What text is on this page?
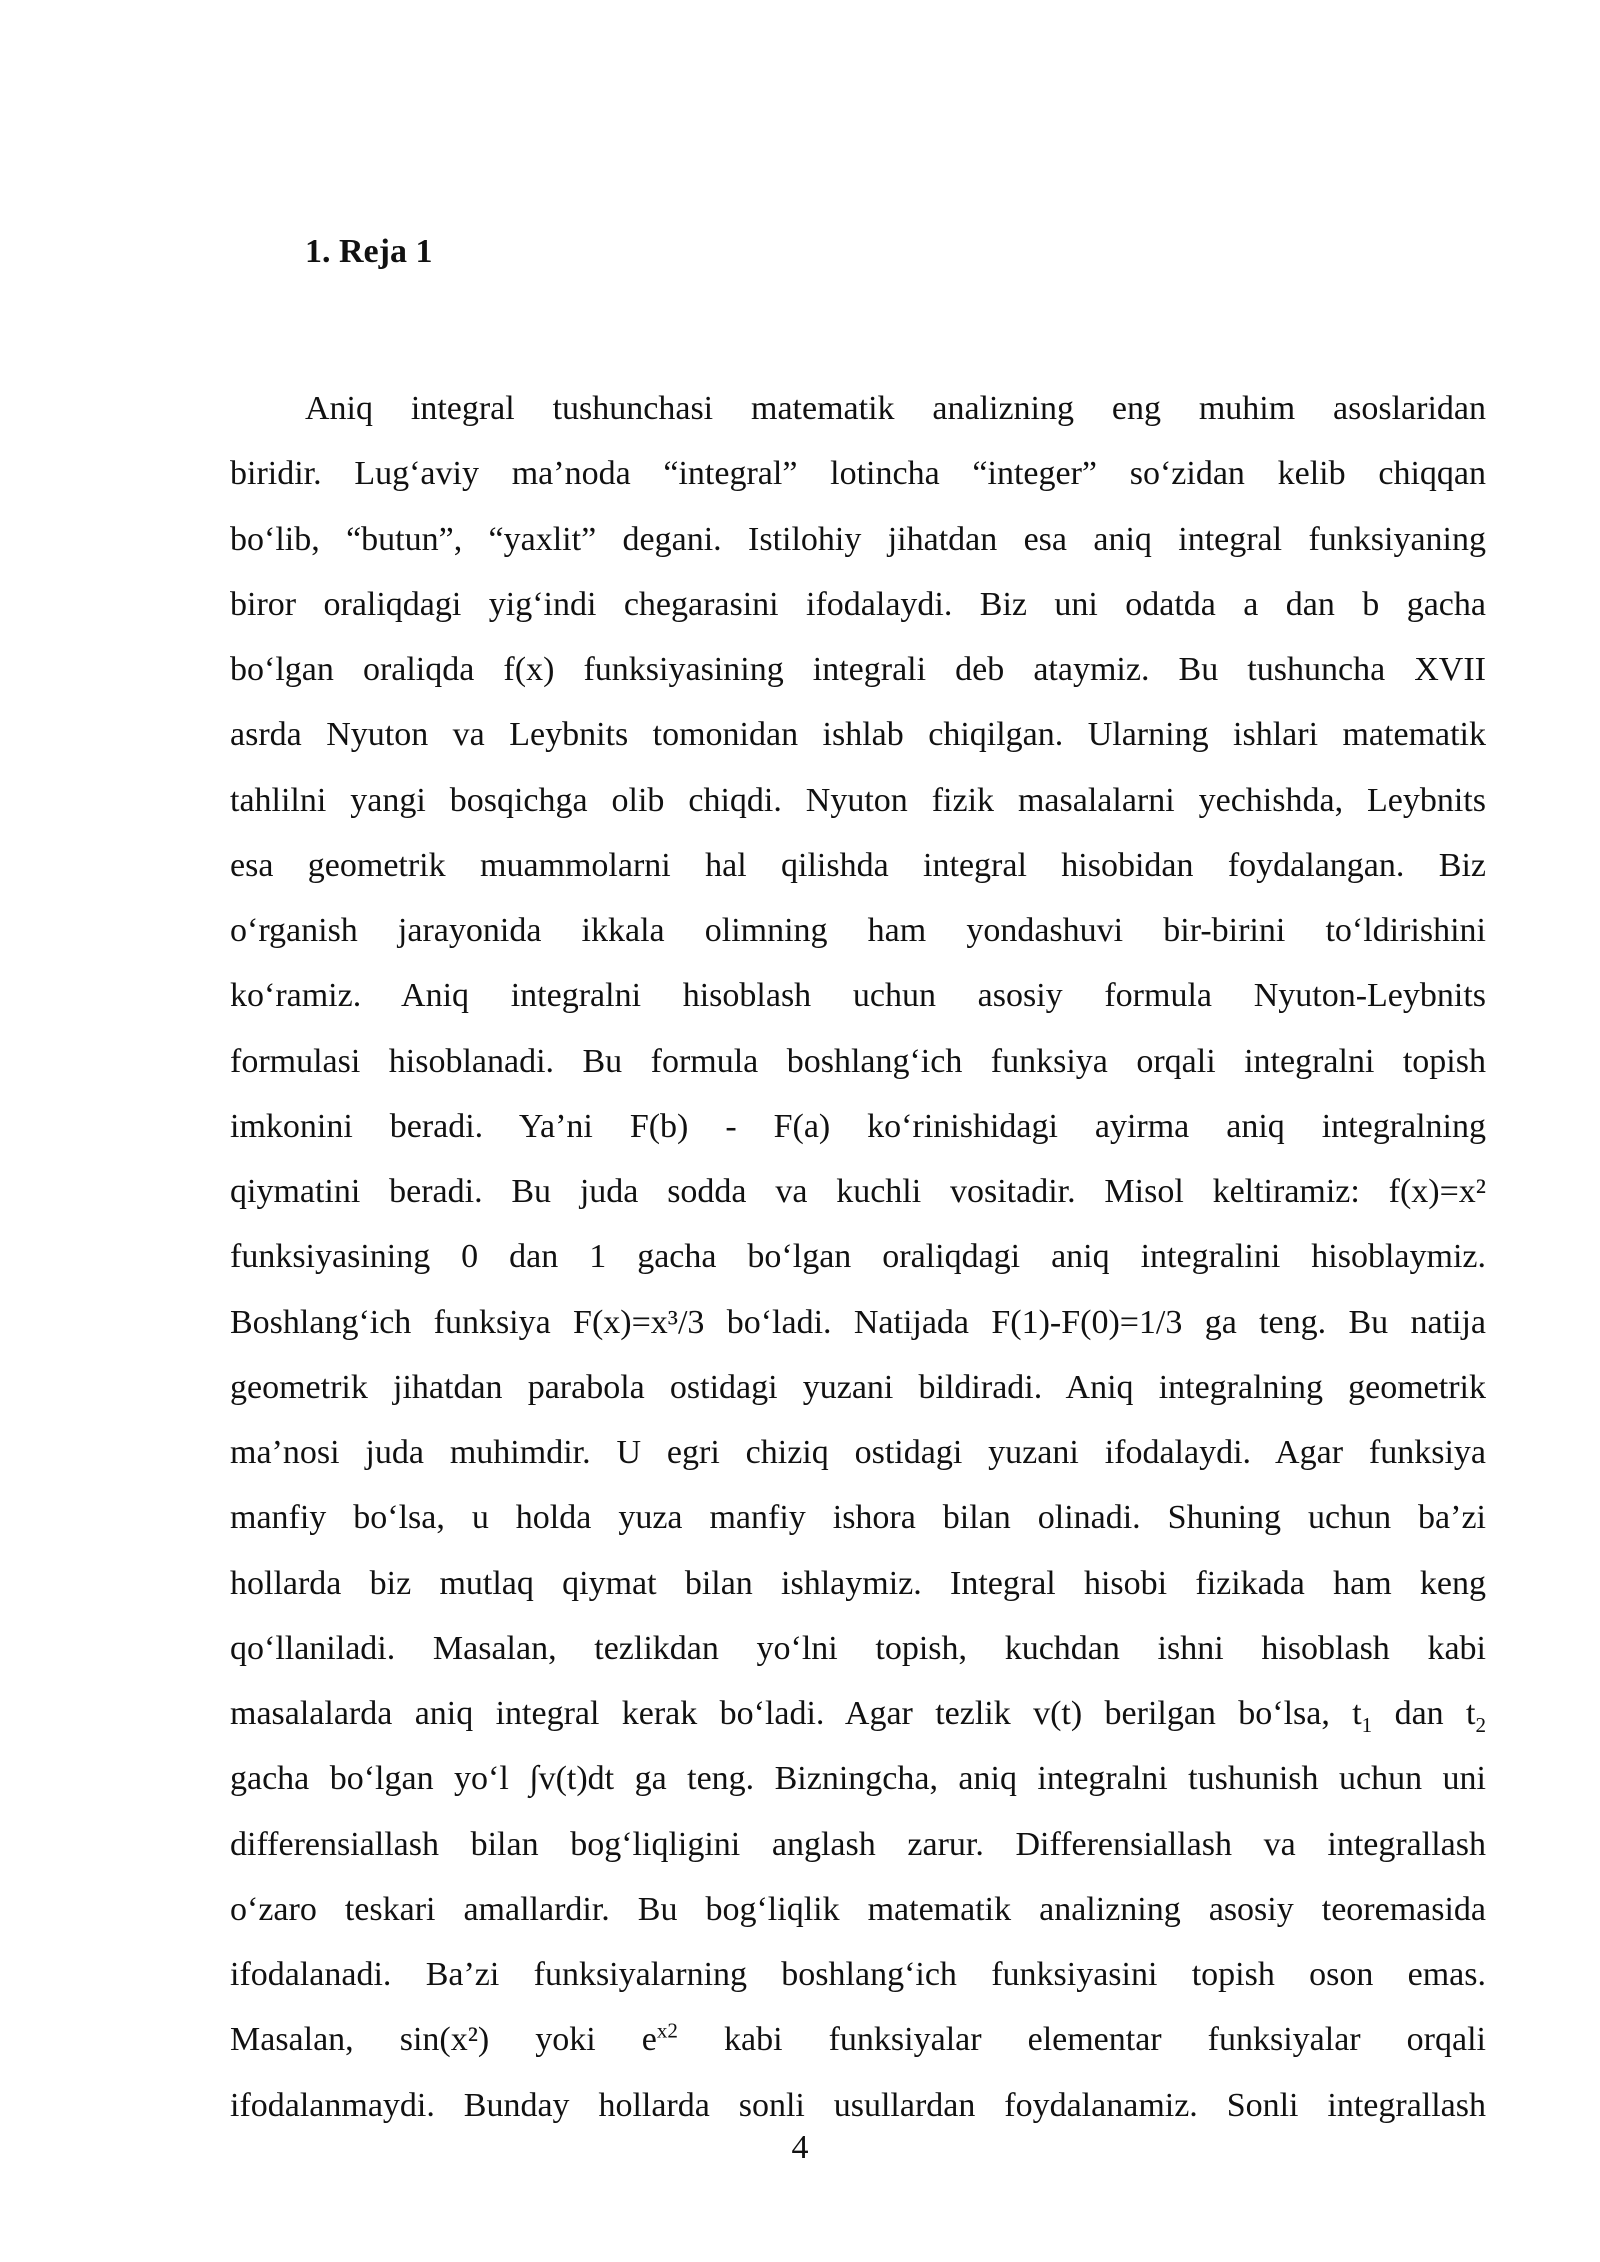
1. Reja 1
Aniq integral tushunchasi matematik analizning eng muhim asoslaridan
biridir. Lug‘aviy ma’noda “integral” lotincha “integer” so‘zidan kelib chiqqan
bo‘lib, “butun”, “yaxlit” degani. Istilohiy jihatdan esa aniq integral funksiyaning
biror oraliqdagi yig‘indi chegarasini ifodalaydi. Biz uni odatda a dan b gacha
bo‘lgan oraliqda f(x) funksiyasining integrali deb ataymiz. Bu tushuncha XVII
asrda Nyuton va Leybnits tomonidan ishlab chiqilgan. Ularning ishlari matematik
tahlilni yangi bosqichga olib chiqdi. Nyuton fizik masalalarni yechishda, Leybnits
esa geometrik muammolarni hal qilishda integral hisobidan foydalangan. Biz
o‘rganish jarayonida ikkala olimning ham yondashuvi bir-birini to‘ldirishini
ko‘ramiz. Aniq integralni hisoblash uchun asosiy formula Nyuton-Leybnits
formulasi hisoblanadi. Bu formula boshlang‘ich funksiya orqali integralni topish
imkonini beradi. Ya’ni F(b) - F(a) ko‘rinishidagi ayirma aniq integralning
qiymatini beradi. Bu juda sodda va kuchli vositadir. Misol keltiramiz: f(x)=x²
funksiyasining 0 dan 1 gacha bo‘lgan oraliqdagi aniq integralini hisoblaymiz.
Boshlang‘ich funksiya F(x)=x³/3 bo‘ladi. Natijada F(1)-F(0)=1/3 ga teng. Bu natija
geometrik jihatdan parabola ostidagi yuzani bildiradi. Aniq integralning geometrik
ma’nosi juda muhimdir. U egri chiziq ostidagi yuzani ifodalaydi. Agar funksiya
manfiy bo‘lsa, u holda yuza manfiy ishora bilan olinadi. Shuning uchun ba’zi
hollarda biz mutlaq qiymat bilan ishlaymiz. Integral hisobi fizikada ham keng
qo‘llaniladi. Masalan, tezlikdan yo‘lni topish, kuchdan ishni hisoblash kabi
masalalarda aniq integral kerak bo‘ladi. Agar tezlik v(t) berilgan bo‘lsa, $t_1$ dan $t_2$
gacha bo‘lgan yo‘l ∫v(t)dt ga teng. Bizningcha, aniq integralni tushunish uchun uni
differensiallash bilan bog‘liqligini anglash zarur. Differensiallash va integrallash
o‘zaro teskari amallardir. Bu bog‘liqlik matematik analizning asosiy teoremasida
ifodalanadi. Ba’zi funksiyalarning boshlang‘ich funksiyasini topish oson emas.
Masalan, sin(x²) yoki $e^{x2}$ kabi funksiyalar elementar funksiyalar orqali
ifodalanmaydi. Bunday hollarda sonli usullardan foydalanamiz. Sonli integrallash
4
